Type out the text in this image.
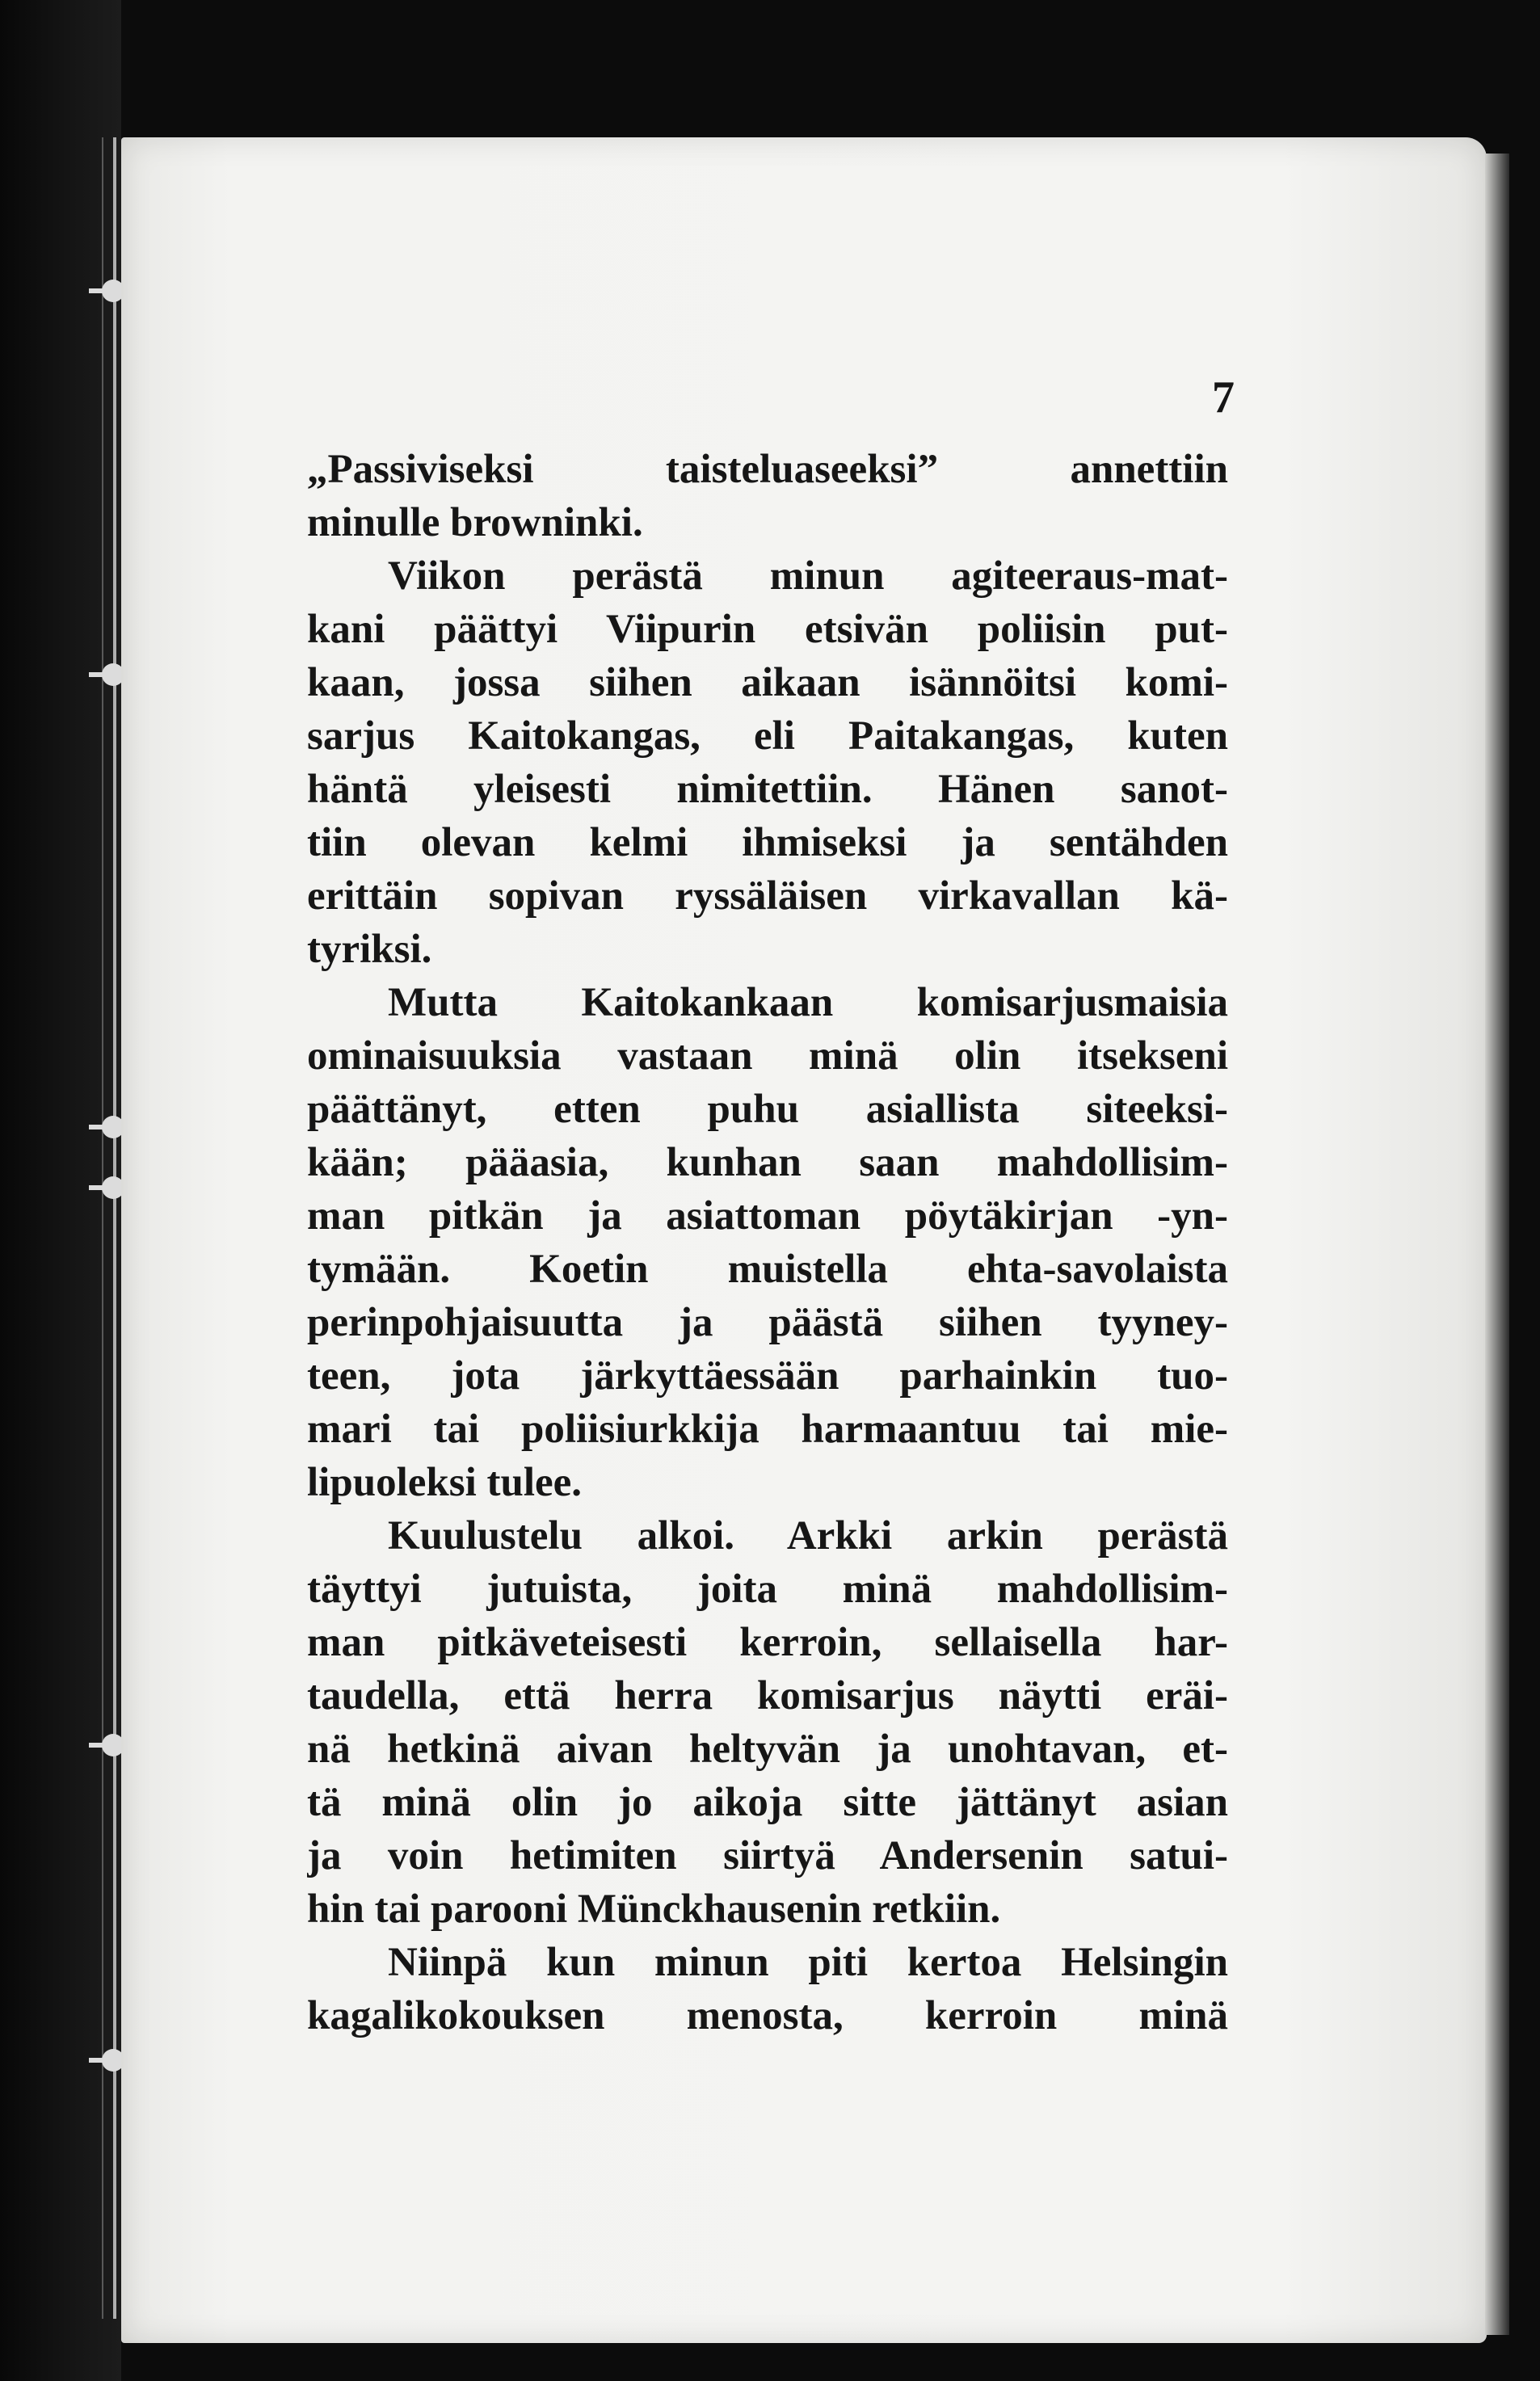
7
„Passiviseksi taisteluaseeksi” annettiin
minulle browninki.
Viikon perästä minun agiteeraus-mat-
kani päättyi Viipurin etsivän poliisin put-
kaan, jossa siihen aikaan isännöitsi komi-
sarjus Kaitokangas, eli Paitakangas, kuten
häntä yleisesti nimitettiin. Hänen sanot-
tiin olevan kelmi ihmiseksi ja sentähden
erittäin sopivan ryssäläisen virkavallan kä-
tyriksi.
Mutta Kaitokankaan komisarjusmaisia
ominaisuuksia vastaan minä olin itsekseni
päättänyt, etten puhu asiallista siteeksi-
kään; pääasia, kunhan saan mahdollisim-
man pitkän ja asiattoman pöytäkirjan -yn-
tymään. Koetin muistella ehta-savolaista
perinpohjaisuutta ja päästä siihen tyyney-
teen, jota järkyttäessään parhainkin tuo-
mari tai poliisiurkkija harmaantuu tai mie-
lipuoleksi tulee.
Kuulustelu alkoi. Arkki arkin perästä
täyttyi jutuista, joita minä mahdollisim-
man pitkäveteisesti kerroin, sellaisella har-
taudella, että herra komisarjus näytti eräi-
nä hetkinä aivan heltyvän ja unohtavan, et-
tä minä olin jo aikoja sitte jättänyt asian
ja voin hetimiten siirtyä Andersenin satui-
hin tai parooni Münckhausenin retkiin.
Niinpä kun minun piti kertoa Helsingin
kagalikokouksen menosta, kerroin minä
